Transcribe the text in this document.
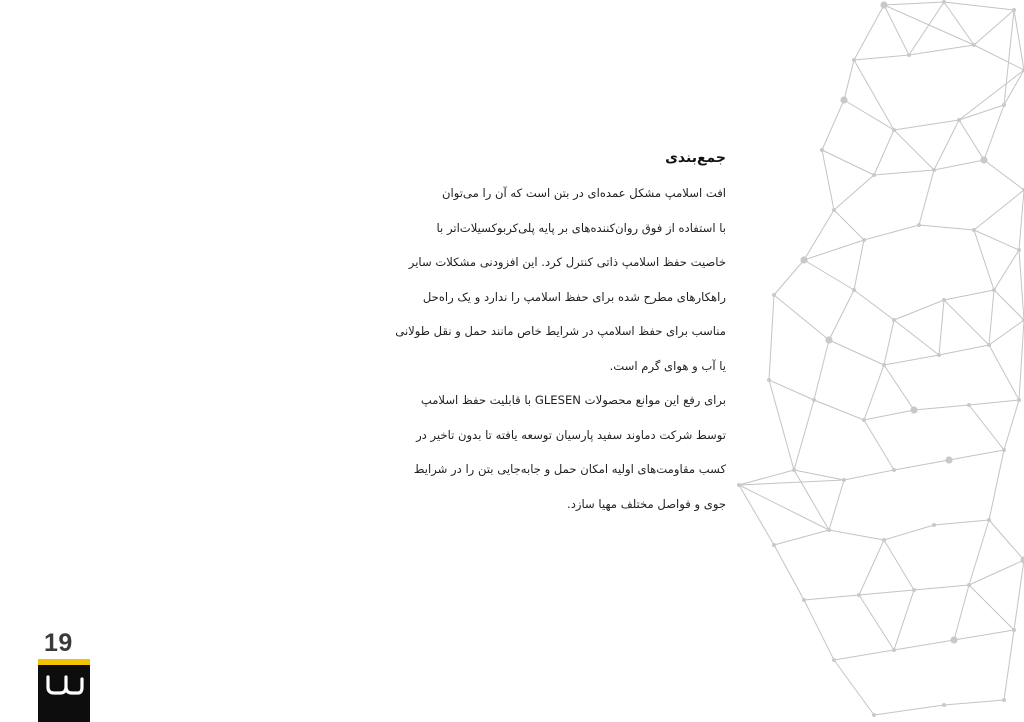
جمع‌بندی
افت اسلامپ مشکل عمده‌ای در بتن است که آن را می‌توان
با استفاده از فوق روان‌کننده‌های بر پایه پلی‌کربوکسیلات‌اتر با
خاصیت حفظ اسلامپ ذاتی کنترل کرد. این افزودنی مشکلات سایر
راهکارهای مطرح شده برای حفظ اسلامپ را ندارد و یک راه‌حل
مناسب برای حفظ اسلامپ در شرایط خاص مانند حمل و نقل طولانی
یا آب و هوای گرم است.
برای رفع این موانع محصولات GLESEN با قابلیت حفظ اسلامپ
توسط شرکت دماوند سفید پارسیان توسعه یافته تا بدون تاخیر در
کسب مقاومت‌های اولیه امکان حمل و جابه‌جایی بتن را در شرایط
جوی و فواصل مختلف مهیا سازد.
19
